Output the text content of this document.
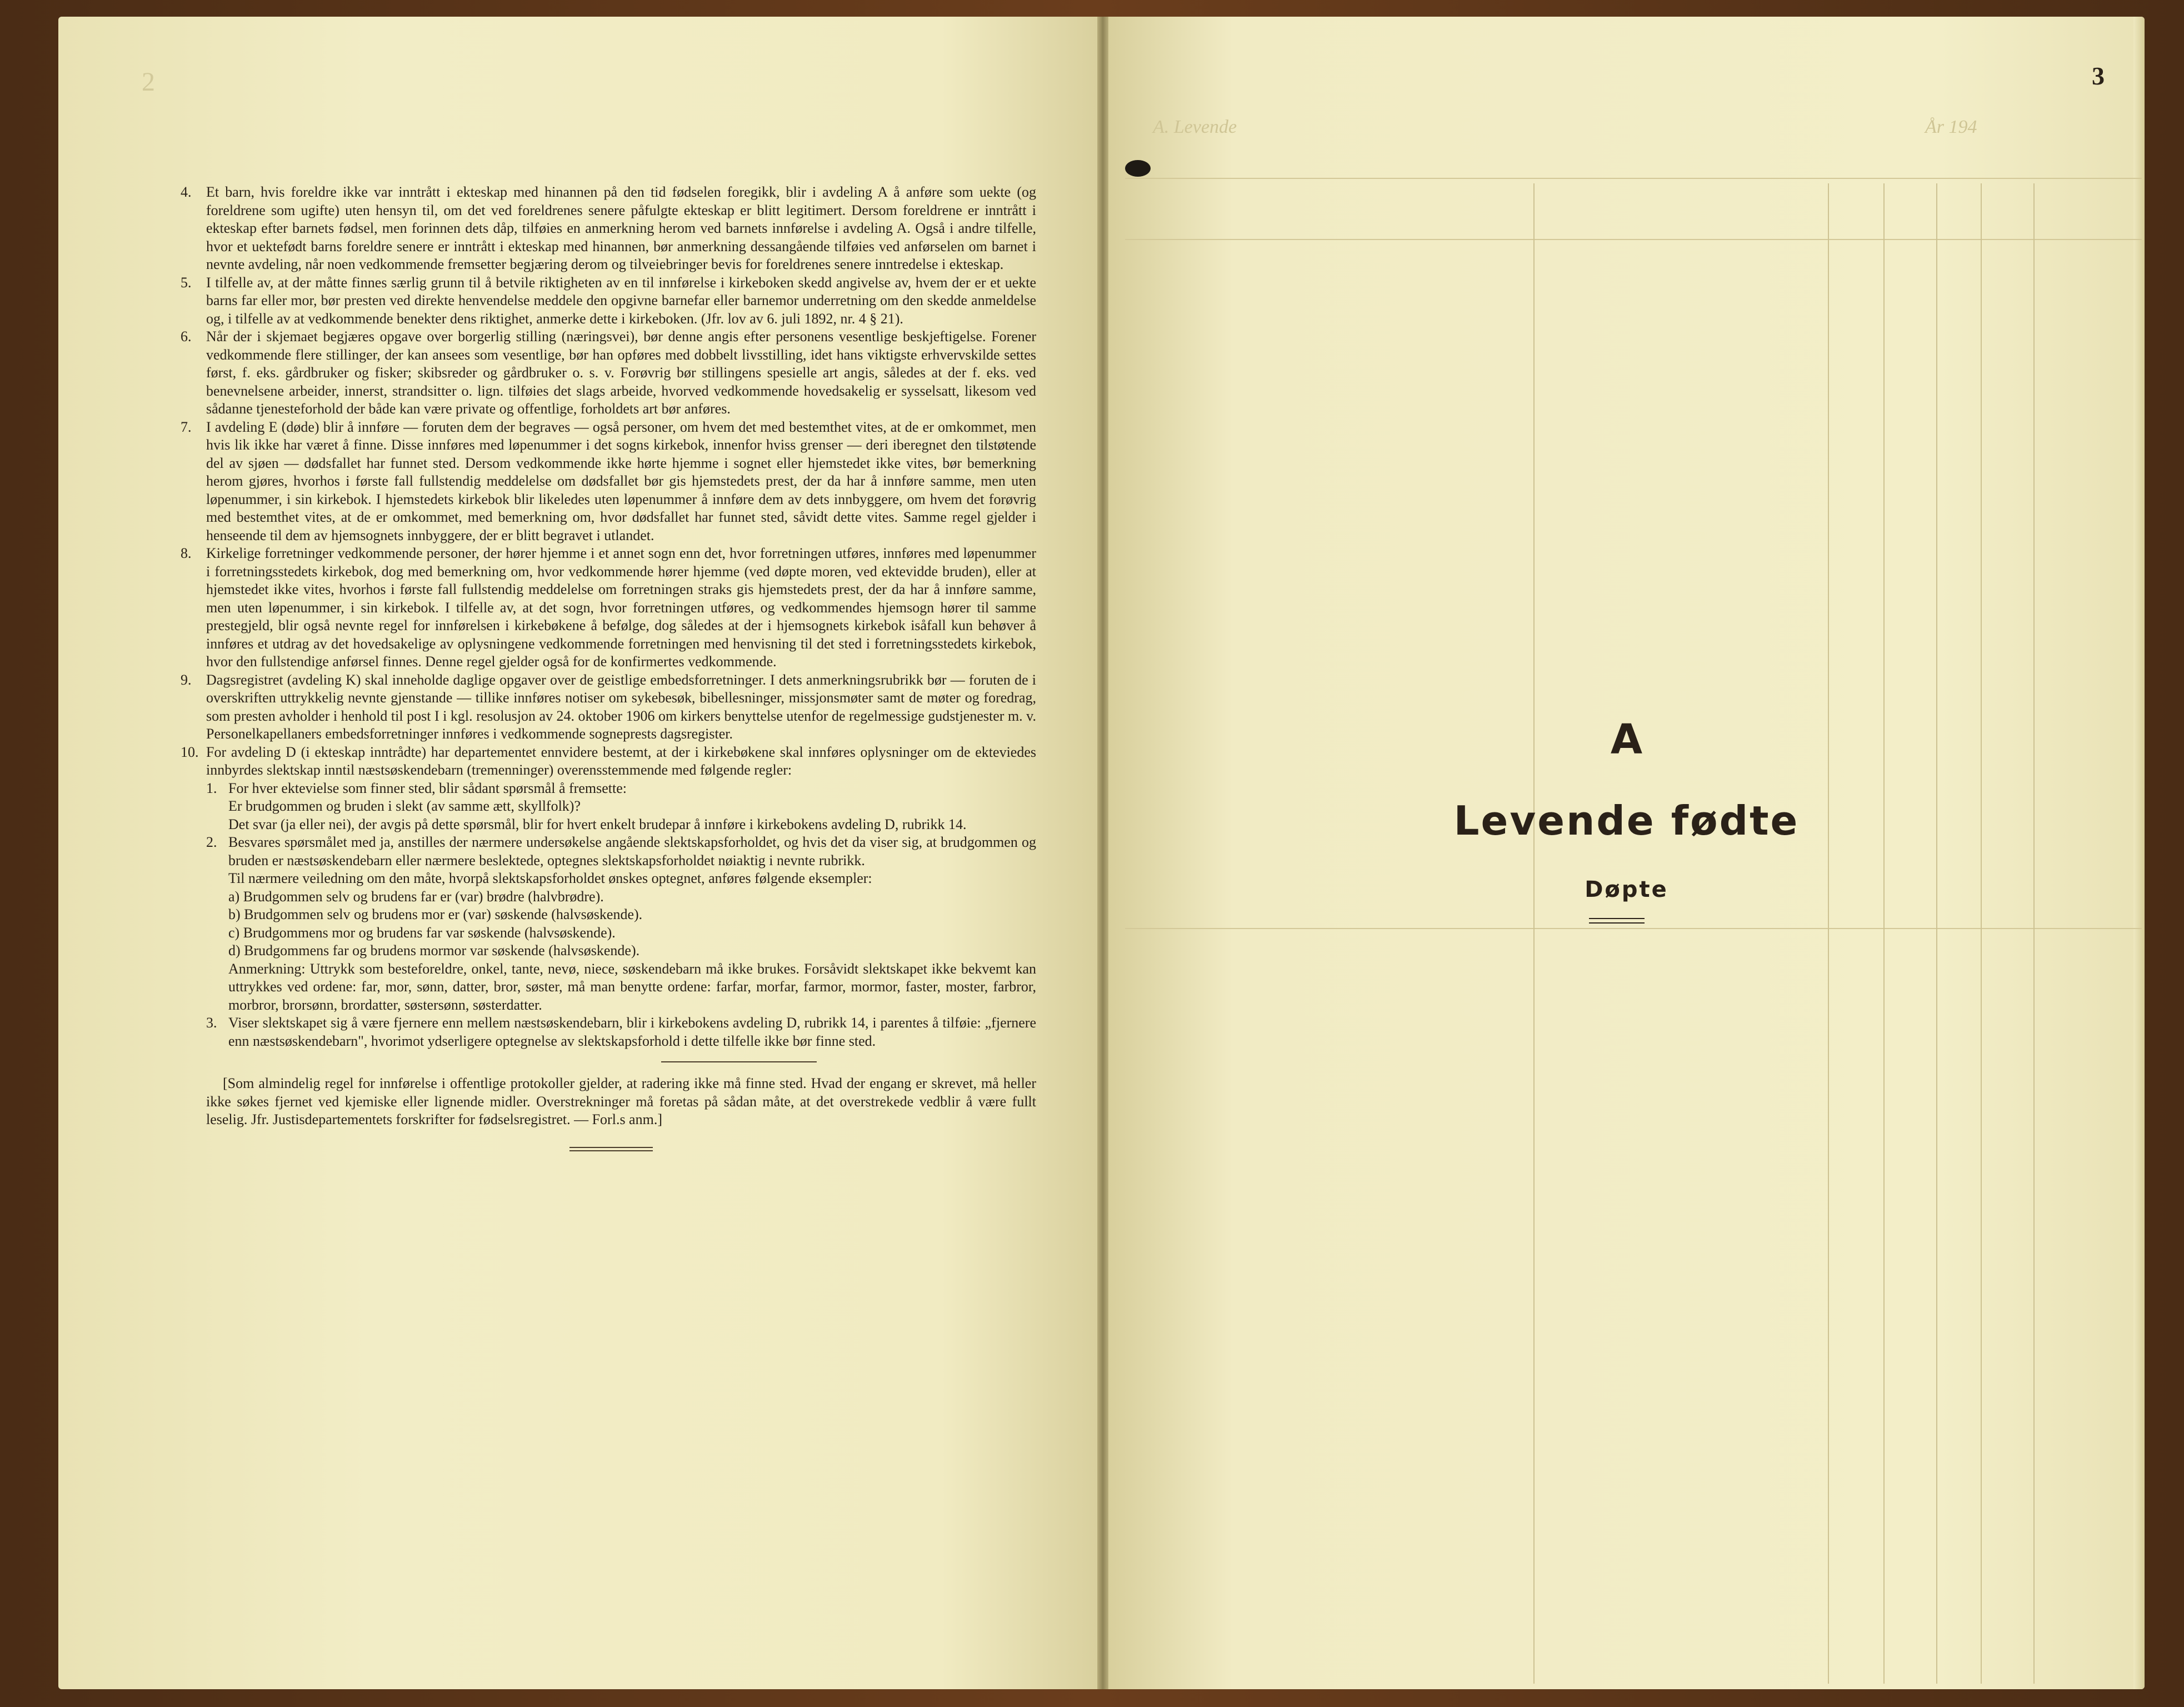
2
4.	Et barn, hvis foreldre ikke var inntrått i ekteskap med hinannen på den tid fødselen foregikk, blir i avdeling A å anføre som uekte (og foreldrene som ugifte) uten hensyn til, om det ved foreldrenes senere påfulgte ekteskap er blitt legitimert. Dersom foreldrene er inntrått i ekteskap efter barnets fødsel, men forinnen dets dåp, tilføies en anmerkning herom ved barnets innførelse i avdeling A. Også i andre tilfelle, hvor et uektefødt barns foreldre senere er inntrått i ekteskap med hinannen, bør anmerkning dessangående tilføies ved anførselen om barnet i nevnte avdeling, når noen vedkommende fremsetter begjæring derom og tilveiebringer bevis for foreldrenes senere inntredelse i ekteskap.
5.	I tilfelle av, at der måtte finnes særlig grunn til å betvile riktigheten av en til innførelse i kirkeboken skedd angivelse av, hvem der er et uekte barns far eller mor, bør presten ved direkte henvendelse meddele den opgivne barnefar eller barnemor underretning om den skedde anmeldelse og, i tilfelle av at vedkommende benekter dens riktighet, anmerke dette i kirkeboken. (Jfr. lov av 6. juli 1892, nr. 4 § 21).
6.	Når der i skjemaet begjæres opgave over borgerlig stilling (næringsvei), bør denne angis efter personens vesentlige beskjeftigelse. Forener vedkommende flere stillinger, der kan ansees som vesentlige, bør han opføres med dobbelt livsstilling, idet hans viktigste erhvervskilde settes først, f. eks. gårdbruker og fisker; skibsreder og gårdbruker o. s. v. Forøvrig bør stillingens spesielle art angis, således at der f. eks. ved benevnelsene arbeider, innerst, strandsitter o. lign. tilføies det slags arbeide, hvorved vedkommende hovedsakelig er sysselsatt, likesom ved sådanne tjenesteforhold der både kan være private og offentlige, forholdets art bør anføres.
7.	I avdeling E (døde) blir å innføre — foruten dem der begraves — også personer, om hvem det med bestemthet vites, at de er omkommet, men hvis lik ikke har været å finne. Disse innføres med løpenummer i det sogns kirkebok, innenfor hviss grenser — deri iberegnet den tilstøtende del av sjøen — dødsfallet har funnet sted. Dersom vedkommende ikke hørte hjemme i sognet eller hjemstedet ikke vites, bør bemerkning herom gjøres, hvorhos i første fall fullstendig meddelelse om dødsfallet bør gis hjemstedets prest, der da har å innføre samme, men uten løpenummer, i sin kirkebok. I hjemstedets kirkebok blir likeledes uten løpenummer å innføre dem av dets innbyggere, om hvem det forøvrig med bestemthet vites, at de er omkommet, med bemerkning om, hvor dødsfallet har funnet sted, såvidt dette vites. Samme regel gjelder i henseende til dem av hjemsognets innbyggere, der er blitt begravet i utlandet.
8.	Kirkelige forretninger vedkommende personer, der hører hjemme i et annet sogn enn det, hvor forretningen utføres, innføres med løpenummer i forretningsstedets kirkebok, dog med bemerkning om, hvor vedkommende hører hjemme (ved døpte moren, ved ektevidde bruden), eller at hjemstedet ikke vites, hvorhos i første fall fullstendig meddelelse om forretningen straks gis hjemstedets prest, der da har å innføre samme, men uten løpenummer, i sin kirkebok. I tilfelle av, at det sogn, hvor forretningen utføres, og vedkommendes hjemsogn hører til samme prestegjeld, blir også nevnte regel for innførelsen i kirkebøkene å befølge, dog således at der i hjemsognets kirkebok isåfall kun behøver å innføres et utdrag av det hovedsakelige av oplysningene vedkommende forretningen med henvisning til det sted i forretningsstedets kirkebok, hvor den fullstendige anførsel finnes. Denne regel gjelder også for de konfirmertes vedkommende.
9.	Dagsregistret (avdeling K) skal inneholde daglige opgaver over de geistlige embedsforretninger. I dets anmerkningsrubrikk bør — foruten de i overskriften uttrykkelig nevnte gjenstande — tillike innføres notiser om sykebesøk, bibellesninger, missjonsmøter samt de møter og foredrag, som presten avholder i henhold til post I i kgl. resolusjon av 24. oktober 1906 om kirkers benyttelse utenfor de regelmessige gudstjenester m. v. Personelkapellaners embedsforretninger innføres i vedkommende sogneprests dagsregister.
10. For avdeling D (i ekteskap inntrådte) har departementet ennvidere bestemt, at der i kirkebøkene skal innføres oplysninger om de ekteviedes innbyrdes slektskap inntil næstsøskendebarn (tremenninger) overensstemmende med følgende regler:
1. For hver ektevielse som finner sted, blir sådant spørsmål å fremsette:
Er brudgommen og bruden i slekt (av samme ætt, skyllfolk)?
Det svar (ja eller nei), der avgis på dette spørsmål, blir for hvert enkelt brudepar å innføre i kirkebokens avdeling D, rubrikk 14.
2. Besvares spørsmålet med ja, anstilles der nærmere undersøkelse angående slektskapsforholdet, og hvis det da viser sig, at brudgommen og bruden er næstsøskendebarn eller nærmere beslektede, optegnes slektskapsforholdet nøiaktig i nevnte rubrikk.
Til nærmere veiledning om den måte, hvorpå slektskapsforholdet ønskes optegnet, anføres følgende eksempler:
a) Brudgommen selv og brudens far er (var) brødre (halvbrødre).
b) Brudgommen selv og brudens mor er (var) søskende (halvsøskende).
c) Brudgommens mor og brudens far var søskende (halvsøskende).
d) Brudgommens far og brudens mormor var søskende (halvsøskende).
Anmerkning: Uttrykk som besteforeldre, onkel, tante, nevø, niece, søskendebarn må ikke brukes. Forsåvidt slektskapet ikke bekvemt kan uttrykkes ved ordene: far, mor, sønn, datter, bror, søster, må man benytte ordene: farfar, morfar, farmor, mormor, faster, moster, farbror, morbror, brorsønn, brordatter, søstersønn, søsterdatter.
3. Viser slektskapet sig å være fjernere enn mellem næstsøskendebarn, blir i kirkebokens avdeling D, rubrikk 14, i parentes å tilføie: „fjernere enn næstsøskendebarn", hvorimot ydserligere optegnelse av slektskapsforhold i dette tilfelle ikke bør finne sted.
[Som almindelig regel for innførelse i offentlige protokoller gjelder, at radering ikke må finne sted. Hvad der engang er skrevet, må heller ikke søkes fjernet ved kjemiske eller lignende midler. Overstrekninger må foretas på sådan måte, at det overstrekede vedblir å være fullt leselig. Jfr. Justisdepartementets forskrifter for fødselsregistret. — Forl.s anm.]
A. Levende	År 194
3
A
Levende fødte
Døpte
